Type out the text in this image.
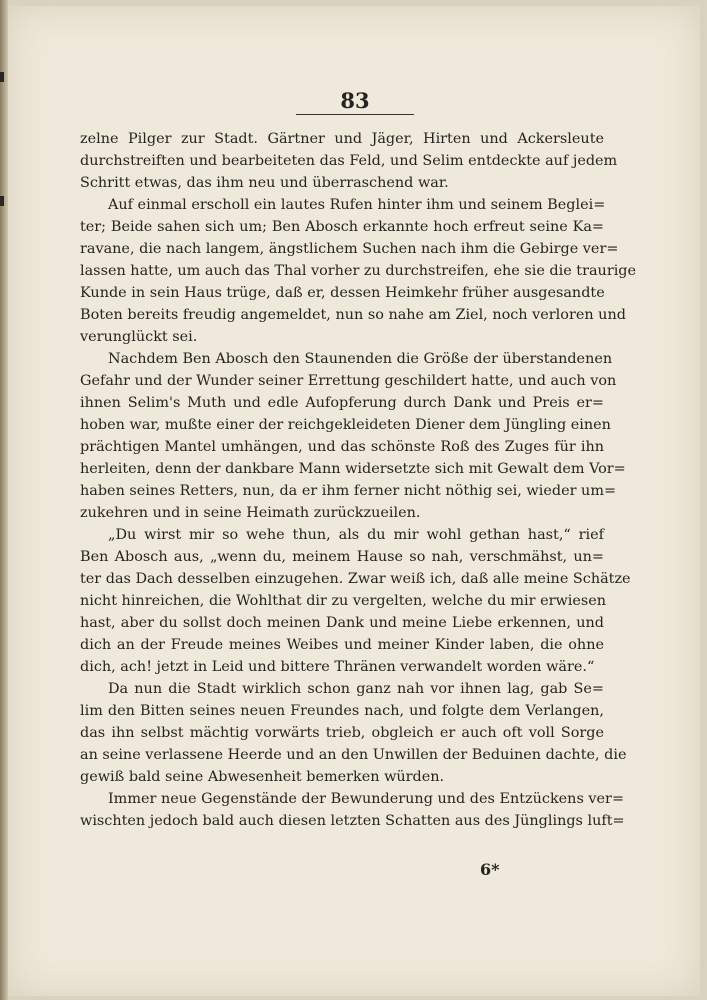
83

zelne Pilger zur Stadt. Gärtner und Jäger, Hirten und Ackersleute
durchstreiften und bearbeiteten das Feld, und Selim entdeckte auf jedem
Schritt etwas, das ihm neu und überraschend war.

Auf einmal erscholl ein lautes Rufen hinter ihm und seinem Beglei=
ter; Beide sahen sich um; Ben Abosch erkannte hoch erfreut seine Ka=
ravane, die nach langem, ängstlichem Suchen nach ihm die Gebirge ver=
lassen hatte, um auch das Thal vorher zu durchstreifen, ehe sie die traurige
Kunde in sein Haus trüge, daß er, dessen Heimkehr früher ausgesandte
Boten bereits freudig angemeldet, nun so nahe am Ziel, noch verloren und
verunglückt sei.

Nachdem Ben Abosch den Staunenden die Größe der überstandenen
Gefahr und der Wunder seiner Errettung geschildert hatte, und auch von
ihnen Selim's Muth und edle Aufopferung durch Dank und Preis er=
hoben war, mußte einer der reichgekleideten Diener dem Jüngling einen
prächtigen Mantel umhängen, und das schönste Roß des Zuges für ihn
herleiten, denn der dankbare Mann widersetzte sich mit Gewalt dem Vor=
haben seines Retters, nun, da er ihm ferner nicht nöthig sei, wieder um=
zukehren und in seine Heimath zurückzueilen.

„Du wirst mir so wehe thun, als du mir wohl gethan hast,“ rief
Ben Abosch aus, „wenn du, meinem Hause so nah, verschmähst, un=
ter das Dach desselben einzugehen. Zwar weiß ich, daß alle meine Schätze
nicht hinreichen, die Wohlthat dir zu vergelten, welche du mir erwiesen
hast, aber du sollst doch meinen Dank und meine Liebe erkennen, und
dich an der Freude meines Weibes und meiner Kinder laben, die ohne
dich, ach! jetzt in Leid und bittere Thränen verwandelt worden wäre.“

Da nun die Stadt wirklich schon ganz nah vor ihnen lag, gab Se=
lim den Bitten seines neuen Freundes nach, und folgte dem Verlangen,
das ihn selbst mächtig vorwärts trieb, obgleich er auch oft voll Sorge
an seine verlassene Heerde und an den Unwillen der Beduinen dachte, die
gewiß bald seine Abwesenheit bemerken würden.

Immer neue Gegenstände der Bewunderung und des Entzückens ver=
wischten jedoch bald auch diesen letzten Schatten aus des Jünglings luft=

6*
